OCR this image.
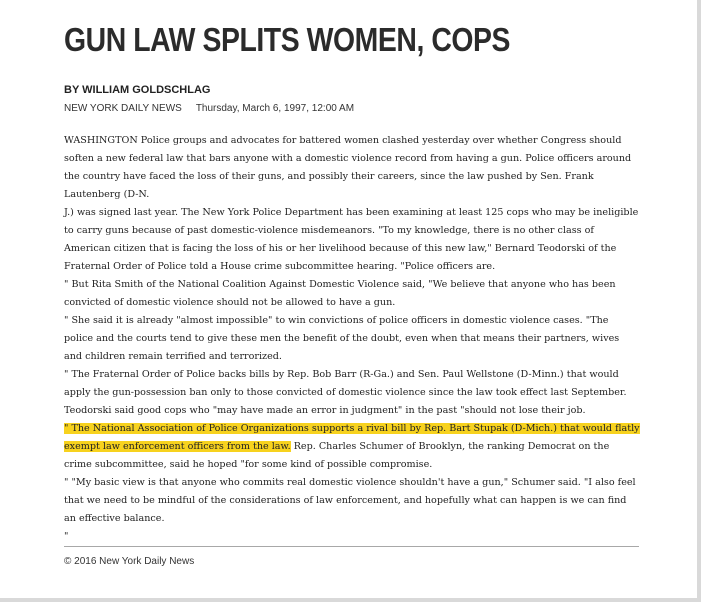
GUN LAW SPLITS WOMEN, COPS
BY WILLIAM GOLDSCHLAG
NEW YORK DAILY NEWS Thursday, March 6, 1997, 12:00 AM

WASHINGTON Police groups and advocates for battered women clashed yesterday over whether Congress should soften a new federal law that bars anyone with a domestic violence record from having a gun. Police officers around the country have faced the loss of their guns, and possibly their careers, since the law pushed by Sen. Frank Lautenberg (D-N.

J.) was signed last year. The New York Police Department has been examining at least 125 cops who may be ineligible to carry guns because of past domestic-violence misdemeanors. "To my knowledge, there is no other class of American citizen that is facing the loss of his or her livelihood because of this new law," Bernard Teodorski of the Fraternal Order of Police told a House crime subcommittee hearing. "Police officers are.

" But Rita Smith of the National Coalition Against Domestic Violence said, "We believe that anyone who has been convicted of domestic violence should not be allowed to have a gun.

" She said it is already "almost impossible" to win convictions of police officers in domestic violence cases. "The police and the courts tend to give these men the benefit of the doubt, even when that means their partners, wives and children remain terrified and terrorized.

" The Fraternal Order of Police backs bills by Rep. Bob Barr (R-Ga.) and Sen. Paul Wellstone (D-Minn.) that would apply the gun-possession ban only to those convicted of domestic violence since the law took effect last September. Teodorski said good cops who "may have made an error in judgment" in the past "should not lose their job.

" The National Association of Police Organizations supports a rival bill by Rep. Bart Stupak (D-Mich.) that would flatly exempt law enforcement officers from the law. Rep. Charles Schumer of Brooklyn, the ranking Democrat on the crime subcommittee, said he hoped "for some kind of possible compromise.

" "My basic view is that anyone who commits real domestic violence shouldn't have a gun," Schumer said. "I also feel that we need to be mindful of the considerations of law enforcement, and hopefully what can happen is we can find an effective balance.

"

© 2016 New York Daily News
